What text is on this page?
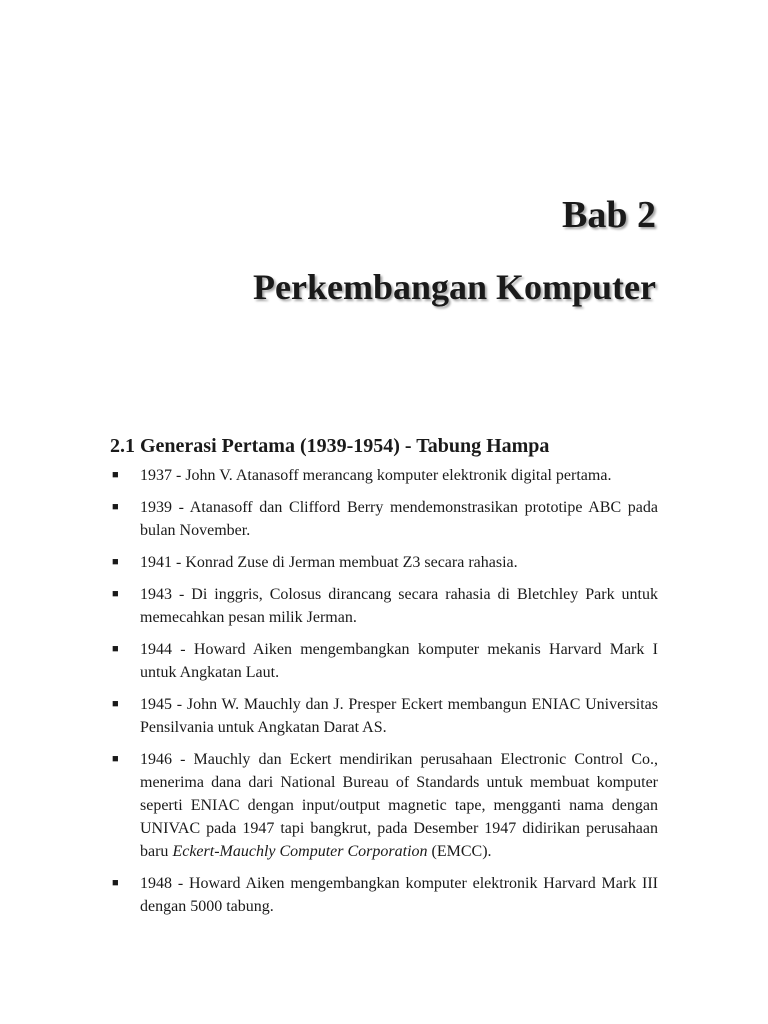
Bab 2
Perkembangan Komputer
2.1 Generasi Pertama (1939-1954) - Tabung Hampa
■ 1937 - John V. Atanasoff merancang komputer elektronik digital pertama.
■ 1939 - Atanasoff dan Clifford Berry mendemonstrasikan prototipe ABC pada bulan November.
■ 1941 - Konrad Zuse di Jerman membuat Z3 secara rahasia.
■ 1943 - Di inggris, Colosus dirancang secara rahasia di Bletchley Park untuk memecahkan pesan milik Jerman.
■ 1944 - Howard Aiken mengembangkan komputer mekanis Harvard Mark I untuk Angkatan Laut.
■ 1945 - John W. Mauchly dan J. Presper Eckert membangun ENIAC Universitas Pensilvania untuk Angkatan Darat AS.
■ 1946 - Mauchly dan Eckert mendirikan perusahaan Electronic Control Co., menerima dana dari National Bureau of Standards untuk membuat komputer seperti ENIAC dengan input/output magnetic tape, mengganti nama dengan UNIVAC pada 1947 tapi bangkrut, pada Desember 1947 didirikan perusahaan baru Eckert-Mauchly Computer Corporation (EMCC).
■ 1948 - Howard Aiken mengembangkan komputer elektronik Harvard Mark III dengan 5000 tabung.
